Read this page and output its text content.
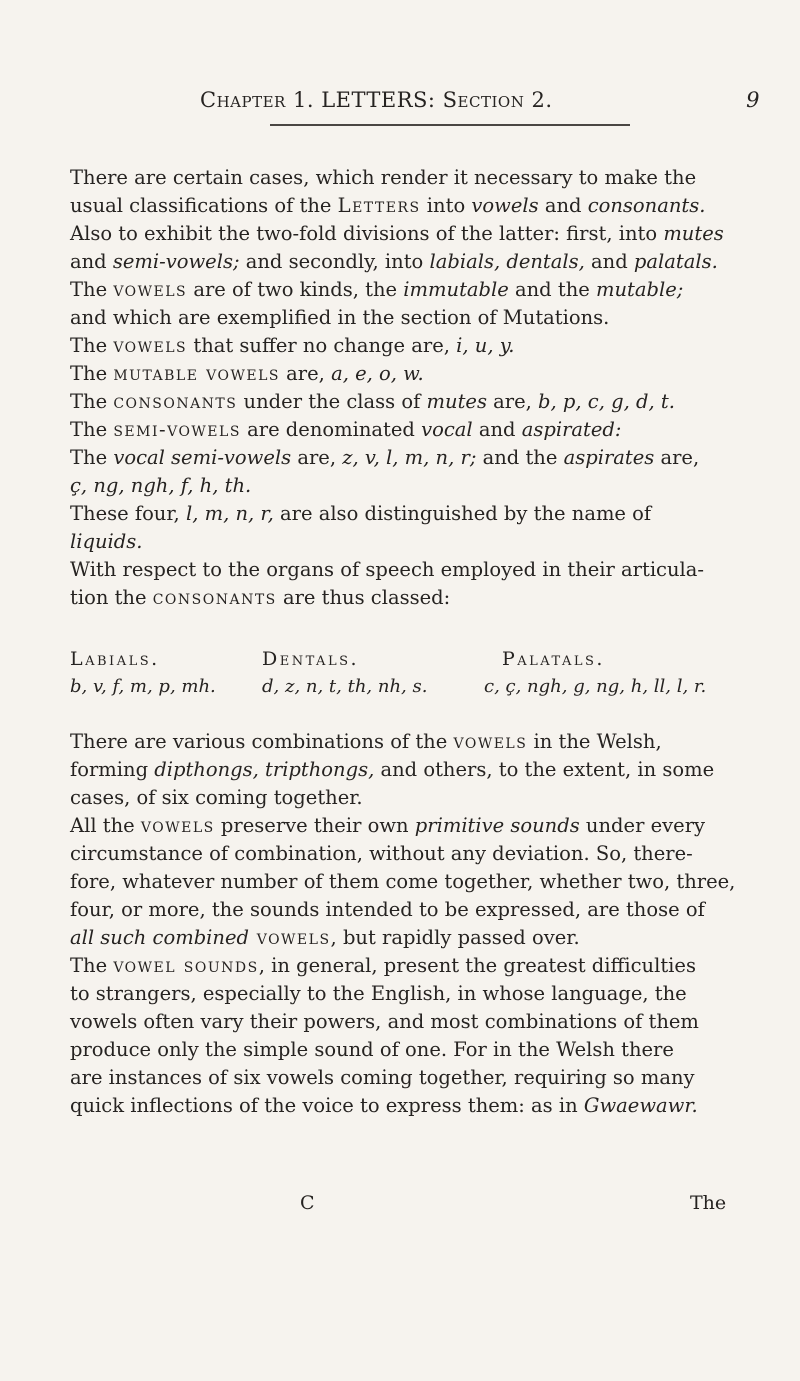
Chapter 1. LETTERS: Section 2.	9
There are certain cases, which render it necessary to make the
usual classifications of the Letters into vowels and consonants.
Also to exhibit the two-fold divisions of the latter: first, into mutes
and semi-vowels; and secondly, into labials, dentals, and palatals.
The vowels are of two kinds, the immutable and the mutable;
and which are exemplified in the section of Mutations.
The vowels that suffer no change are, i, u, y.
The mutable vowels are, a, e, o, w.
The consonants under the class of mutes are, b, p, c, g, d, t.
The semi-vowels are denominated vocal and aspirated:
The vocal semi-vowels are, z, v, l, m, n, r; and the aspirates are,
ç, ng, ngh, f, h, th.
These four, l, m, n, r, are also distinguished by the name of
liquids.
With respect to the organs of speech employed in their articula-
tion the consonants are thus classed:
Labials.	Dentals.	Palatals.
b, v, f, m, p, mh.	d, z, n, t, th, nh, s.	c, ç, ngh, g, ng, h, ll, l, r.
There are various combinations of the vowels in the Welsh,
forming dipthongs, tripthongs, and others, to the extent, in some
cases, of six coming together.
All the vowels preserve their own primitive sounds under every
circumstance of combination, without any deviation. So, there-
fore, whatever number of them come together, whether two, three,
four, or more, the sounds intended to be expressed, are those of
all such combined vowels, but rapidly passed over.
The vowel sounds, in general, present the greatest difficulties
to strangers, especially to the English, in whose language, the
vowels often vary their powers, and most combinations of them
produce only the simple sound of one. For in the Welsh there
are instances of six vowels coming together, requiring so many
quick inflections of the voice to express them: as in Gwaewawr.
C	The
